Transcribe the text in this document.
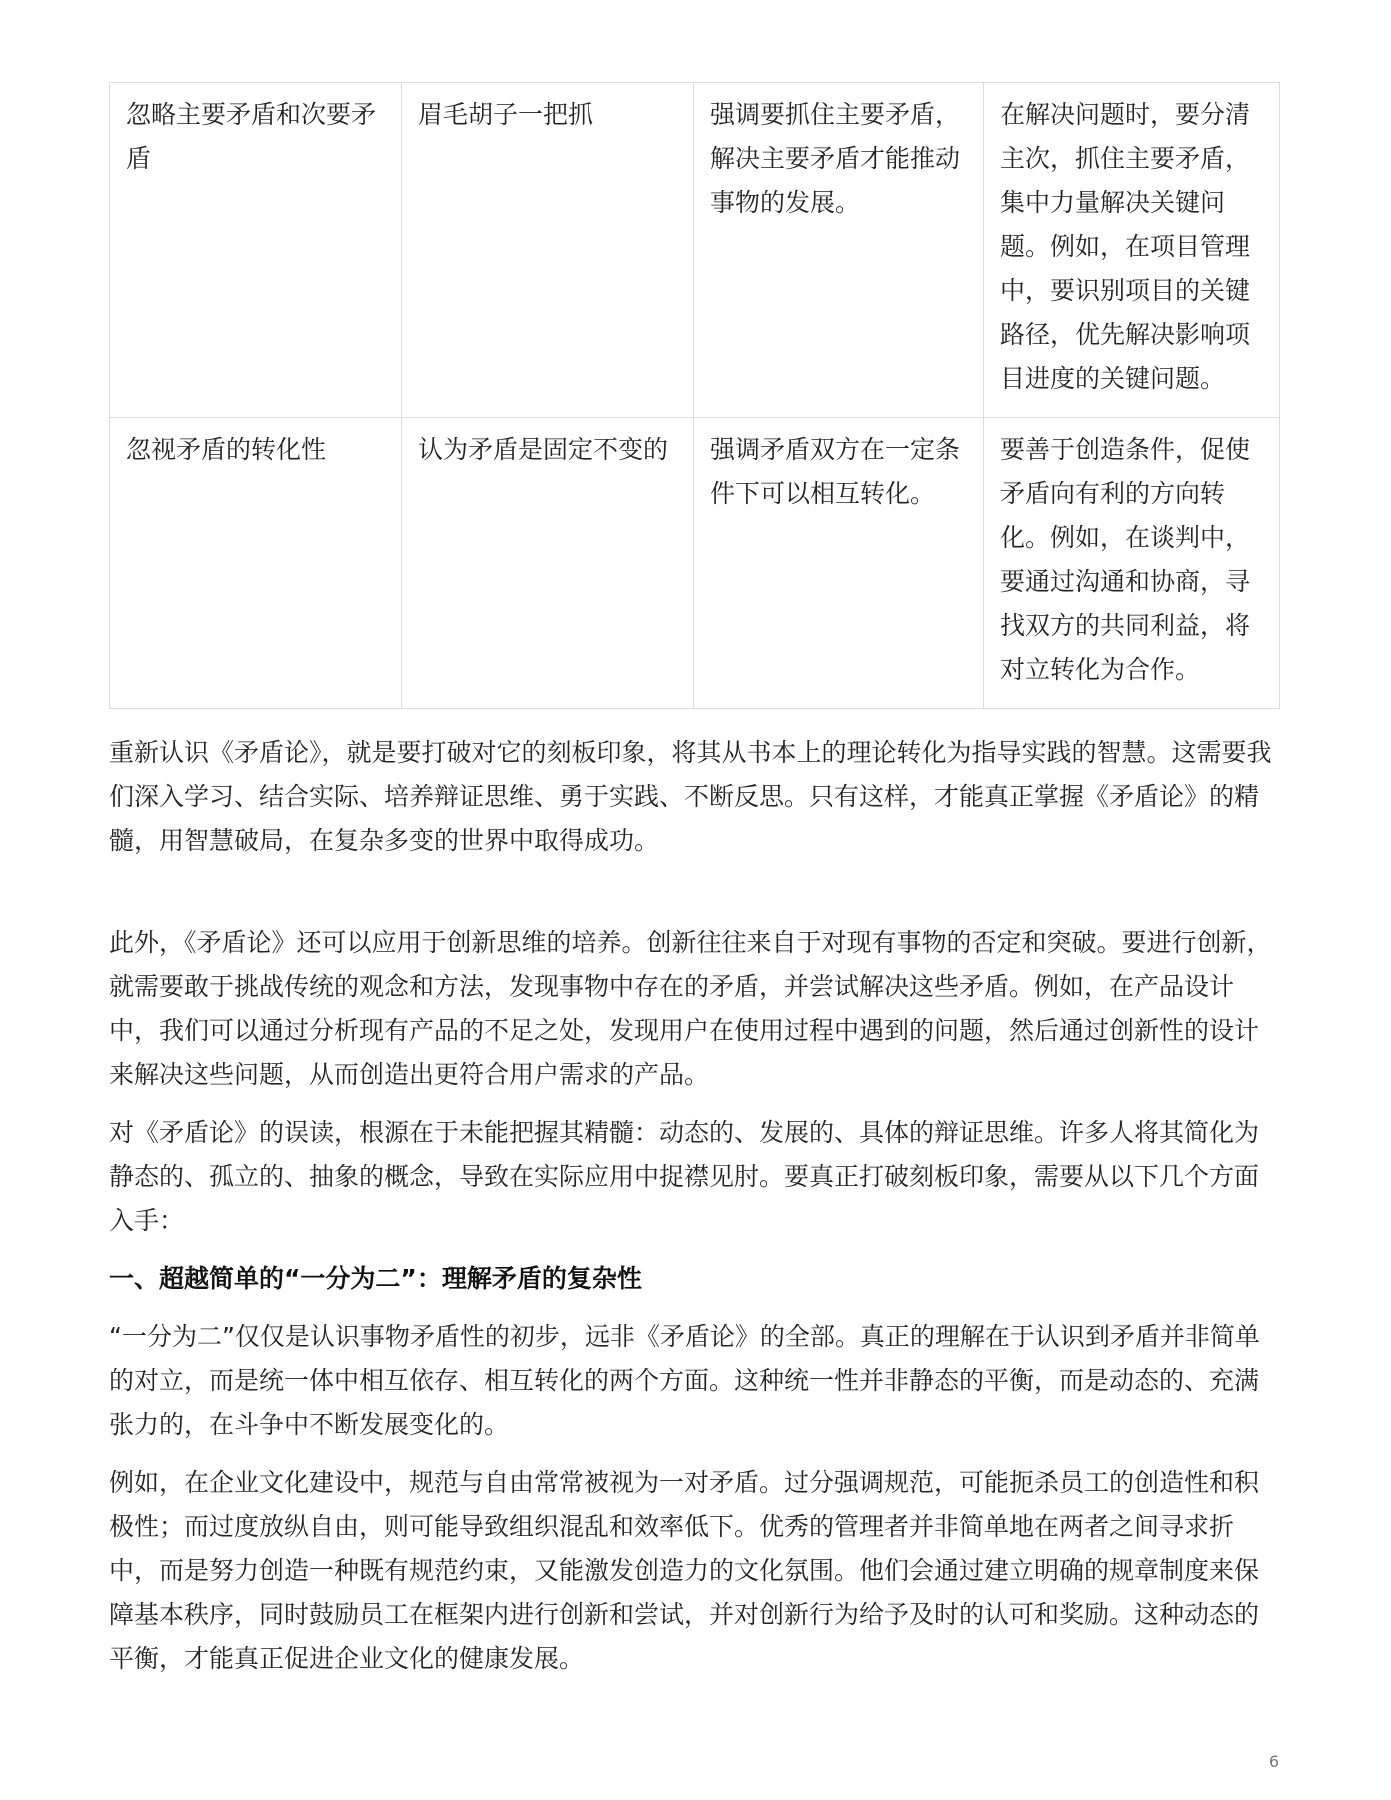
忽略主要矛盾和次要矛盾	眉毛胡子一把抓	强调要抓住主要矛盾，解决主要矛盾才能推动事物的发展。	在解决问题时，要分清主次，抓住主要矛盾，集中力量解决关键问题。例如，在项目管理中，要识别项目的关键路径，优先解决影响项目进度的关键问题。
忽视矛盾的转化性	认为矛盾是固定不变的	强调矛盾双方在一定条件下可以相互转化。	要善于创造条件，促使矛盾向有利的方向转化。例如，在谈判中，要通过沟通和协商，寻找双方的共同利益，将对立转化为合作。

重新认识《矛盾论》，就是要打破对它的刻板印象，将其从书本上的理论转化为指导实践的智慧。这需要我们深入学习、结合实际、培养辩证思维、勇于实践、不断反思。只有这样，才能真正掌握《矛盾论》的精髓，用智慧破局，在复杂多变的世界中取得成功。

此外，《矛盾论》还可以应用于创新思维的培养。创新往往来自于对现有事物的否定和突破。要进行创新，就需要敢于挑战传统的观念和方法，发现事物中存在的矛盾，并尝试解决这些矛盾。例如，在产品设计中，我们可以通过分析现有产品的不足之处，发现用户在使用过程中遇到的问题，然后通过创新性的设计来解决这些问题，从而创造出更符合用户需求的产品。

对《矛盾论》的误读，根源在于未能把握其精髓：动态的、发展的、具体的辩证思维。许多人将其简化为静态的、孤立的、抽象的概念，导致在实际应用中捉襟见肘。要真正打破刻板印象，需要从以下几个方面入手：

一、超越简单的“一分为二”：理解矛盾的复杂性

“一分为二”仅仅是认识事物矛盾性的初步，远非《矛盾论》的全部。真正的理解在于认识到矛盾并非简单的对立，而是统一体中相互依存、相互转化的两个方面。这种统一性并非静态的平衡，而是动态的、充满张力的，在斗争中不断发展变化的。

例如，在企业文化建设中，规范与自由常常被视为一对矛盾。过分强调规范，可能扼杀员工的创造性和积极性；而过度放纵自由，则可能导致组织混乱和效率低下。优秀的管理者并非简单地在两者之间寻求折中，而是努力创造一种既有规范约束，又能激发创造力的文化氛围。他们会通过建立明确的规章制度来保障基本秩序，同时鼓励员工在框架内进行创新和尝试，并对创新行为给予及时的认可和奖励。这种动态的平衡，才能真正促进企业文化的健康发展。

6
